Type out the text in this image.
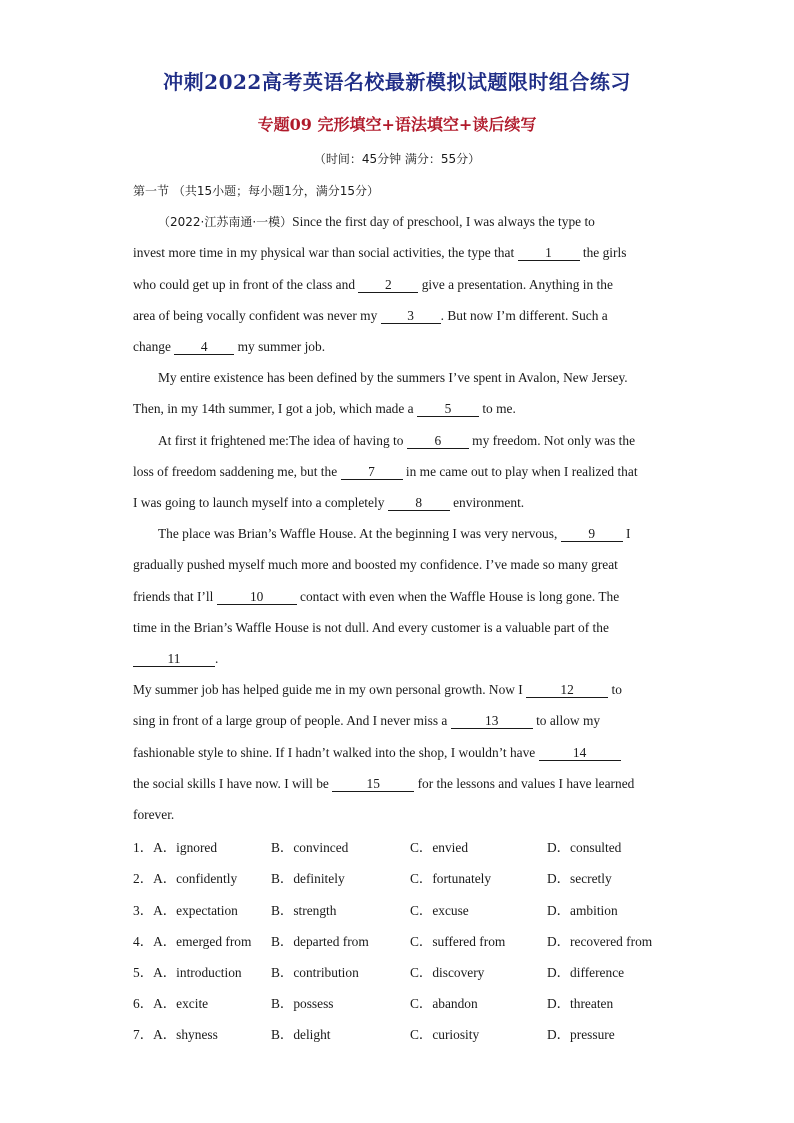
冲刺2022高考英语名校最新模拟试题限时组合练习
专题09 完形填空+语法填空+读后续写
（时间：45分钟 满分：55分）
第一节 （共15小题；每小题1分，满分15分）
（2022·江苏南通·一模）Since the first day of preschool, I was always the type to
invest more time in my physical war than social activities, the type that 1 the girls
who could get up in front of the class and 2 give a presentation. Anything in the
area of being vocally confident was never my 3 . But now I’m different. Such a
change 4 my summer job.
My entire existence has been defined by the summers I’ve spent in Avalon, New Jersey.
Then, in my 14th summer, I got a job, which made a 5 to me.
At first it frightened me:The idea of having to 6 my freedom. Not only was the
loss of freedom saddening me, but the 7 in me came out to play when I realized that
I was going to launch myself into a completely 8 environment.
The place was Brian’s Waffle House. At the beginning I was very nervous, 9 I
gradually pushed myself much more and boosted my confidence. I’ve made so many great
friends that I’ll	10	contact with even when the Waffle House is long gone. The
time in the Brian’s Waffle House is not dull. And every customer is a valuable part of the
11	.
My summer job has helped guide me in my own personal growth. Now I	12	to
sing in front of a large group of people. And I never miss a	13	to allow my
fashionable style to shine. If I hadn’t walked into the shop, I wouldn’t have	14
the social skills I have now. I will be	15	for the lessons and values I have learned
forever.
1．A．ignored	B．convinced	C．envied	D．consulted
2．A．confidently	B．definitely	C．fortunately	D．secretly
3．A．expectation B．strength	C．excuse	D．ambition
4．A．emerged from B．departed from	C．suffered from	D．recovered from
5．A．introduction B．contribution	C．discovery	D．difference
6．A．excite	B．possess	C．abandon	D．threaten
7．A．shyness	B．delight	C．curiosity	D．pressure
